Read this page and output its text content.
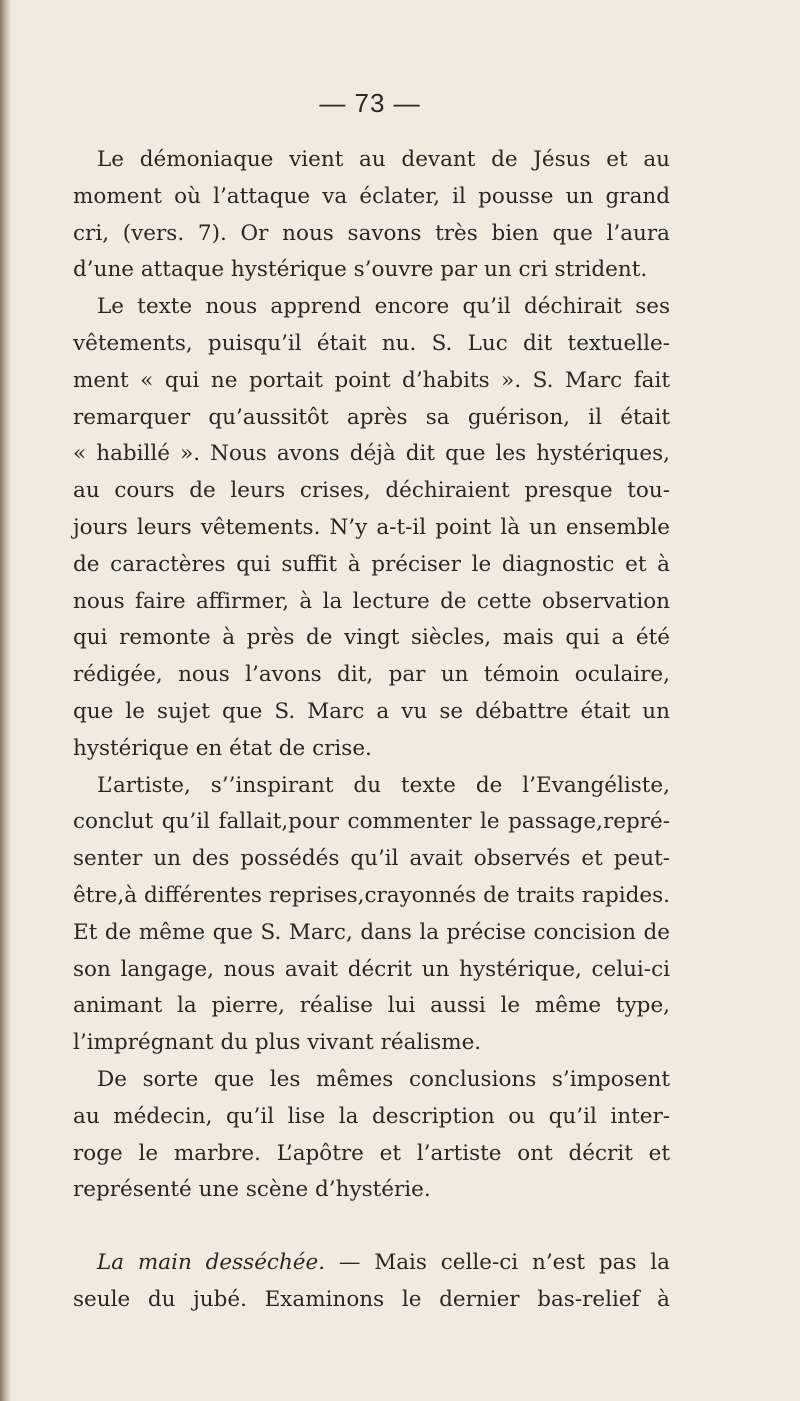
— 73 —
Le démoniaque vient au devant de Jésus et au
moment où l’attaque va éclater, il pousse un grand
cri, (vers. 7). Or nous savons très bien que l’aura
d’une attaque hystérique s’ouvre par un cri strident.
Le texte nous apprend encore qu’il déchirait ses
vêtements, puisqu’il était nu. S. Luc dit textuelle-
ment « qui ne portait point d’habits ». S. Marc fait
remarquer qu’aussitôt après sa guérison, il était
« habillé ». Nous avons déjà dit que les hystériques,
au cours de leurs crises, déchiraient presque tou-
jours leurs vêtements. N’y a-t-il point là un ensemble
de caractères qui suffit à préciser le diagnostic et à
nous faire affirmer, à la lecture de cette observation
qui remonte à près de vingt siècles, mais qui a été
rédigée, nous l’avons dit, par un témoin oculaire,
que le sujet que S. Marc a vu se débattre était un
hystérique en état de crise.
L’artiste, s’’inspirant du texte de l’Evangéliste,
conclut qu’il fallait,pour commenter le passage,repré-
senter un des possédés qu’il avait observés et peut-
être,à différentes reprises,crayonnés de traits rapides.
Et de même que S. Marc, dans la précise concision de
son langage, nous avait décrit un hystérique, celui-ci
animant la pierre, réalise lui aussi le même type,
l’imprégnant du plus vivant réalisme.
De sorte que les mêmes conclusions s’imposent
au médecin, qu’il lise la description ou qu’il inter-
roge le marbre. L’apôtre et l’artiste ont décrit et
représenté une scène d’hystérie.
La main desséchée. — Mais celle-ci n’est pas la
seule du jubé. Examinons le dernier bas-relief à
